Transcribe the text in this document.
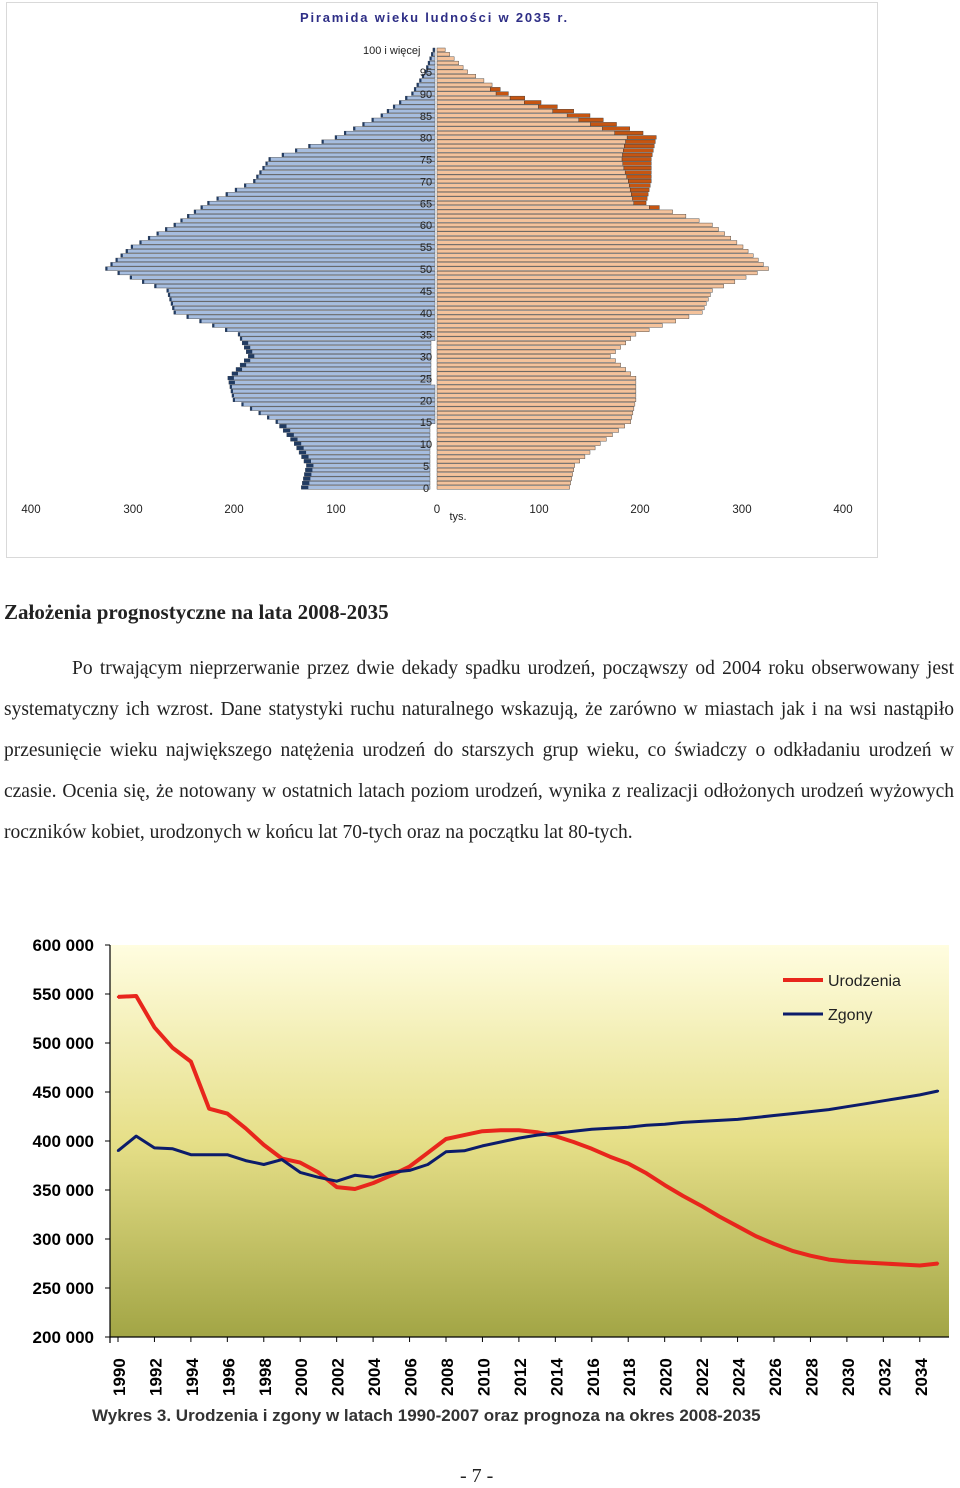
Piramida wieku ludności w 2035 r.
100 i więcej
95
90
85
80
75
70
65
60
55
50
45
40
35
30
25
20
15
10
5
0
400	300	200	100	0	100	200	300	400
tys.
Założenia prognostyczne na lata 2008-2035

Po trwającym nieprzerwanie przez dwie dekady spadku urodzeń, począwszy od 2004 roku obserwowany jest systematyczny ich wzrost. Dane statystyki ruchu naturalnego wskazują, że zarówno w miastach jak i na wsi nastąpiło przesunięcie wieku największego natężenia urodzeń do starszych grup wieku, co świadczy o odkładaniu urodzeń w czasie. Ocenia się, że notowany w ostatnich latach poziom urodzeń, wynika z realizacji odłożonych urodzeń wyżowych roczników kobiet, urodzonych w końcu lat 70-tych oraz na początku lat 80-tych.

600 000
550 000
500 000
450 000
400 000
350 000
300 000
250 000
200 000
1990 1992 1994 1996 1998 2000 2002 2004 2006 2008 2010 2012 2014 2016 2018 2020 2022 2024 2026 2028 2030 2032 2034
Urodzenia
Zgony
Wykres 3. Urodzenia i zgony w latach 1990-2007 oraz prognoza na okres 2008-2035
- 7 -
